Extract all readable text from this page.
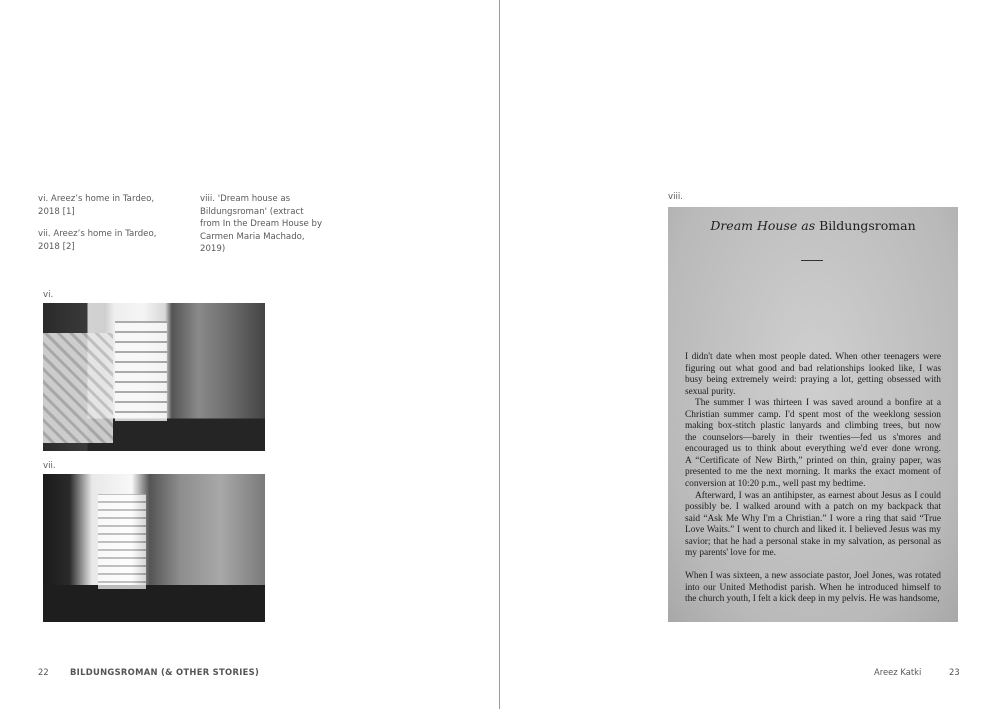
vi. Areez’s home in Tardeo, 2018 [1]
vii. Areez’s home in Tardeo, 2018 [2]
viii. 'Dream house as Bildungsroman' (extract from In the Dream House by Carmen Maria Machado, 2019)
vi.
vii.
22	BILDUNGSROMAN (& OTHER STORIES)
viii.
Dream House as Bildungsroman
I didn't date when most people dated. When other teenagers were
figuring out what good and bad relationships looked like, I was
busy being extremely weird: praying a lot, getting obsessed with
sexual purity.
The summer I was thirteen I was saved around a bonfire at a
Christian summer camp. I'd spent most of the weeklong session
making box-stitch plastic lanyards and climbing trees, but now
the counselors—barely in their twenties—fed us s'mores and
encouraged us to think about everything we'd ever done wrong.
A “Certificate of New Birth,” printed on thin, grainy paper, was
presented to me the next morning. It marks the exact moment of
conversion at 10:20 p.m., well past my bedtime.
Afterward, I was an antihipster, as earnest about Jesus as I could
possibly be. I walked around with a patch on my backpack that
said “Ask Me Why I'm a Christian.” I wore a ring that said “True
Love Waits.” I went to church and liked it. I believed Jesus was my
savior; that he had a personal stake in my salvation, as personal as
my parents' love for me.
When I was sixteen, a new associate pastor, Joel Jones, was rotated
into our United Methodist parish. When he introduced himself to
the church youth, I felt a kick deep in my pelvis. He was handsome,
Areez Katki	23
